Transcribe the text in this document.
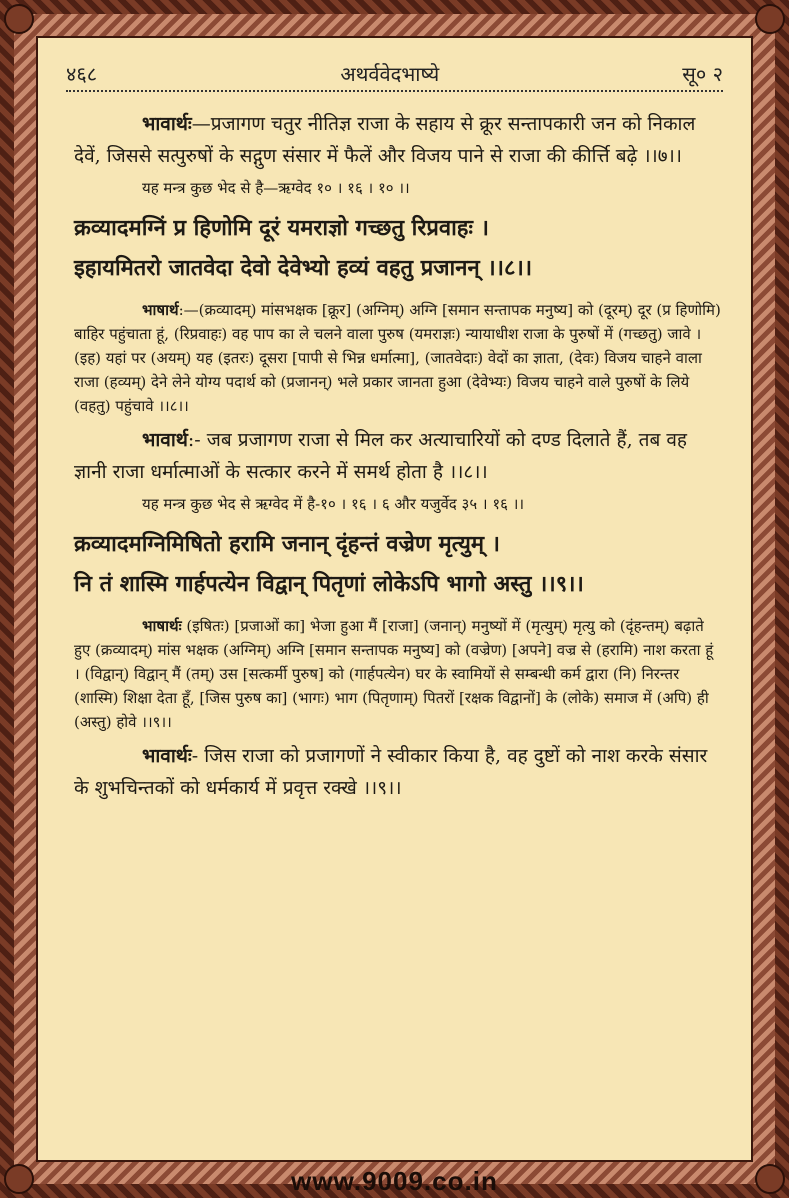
४६८	अथर्ववेदभाष्ये	सू० २

भावार्थः—प्रजागण चतुर नीतिज्ञ राजा के सहाय से क्रूर सन्तापकारी जन को निकाल देवें, जिससे सत्पुरुषों के सद्गुण संसार में फैलें और विजय पाने से राजा की कीर्त्ति बढ़े ।।७।।

यह मन्त्र कुछ भेद से है—ऋग्वेद १० । १६ । १० ।।

क्रव्यादमग्निं प्र हिणोमि दूरं यमराज्ञो गच्छतु रिप्रवाहः ।

इहायमितरो जातवेदा देवो देवेभ्यो हव्यं वहतु प्रजानन् ।।८।।

भाषार्थ:—(क्रव्यादम्) मांसभक्षक [क्रूर] (अग्निम्) अग्नि [समान सन्तापक मनुष्य] को (दूरम्) दूर (प्र हिणोमि) बाहिर पहुंचाता हूं, (रिप्रवाहः) वह पाप का ले चलने वाला पुरुष (यमराज्ञः) न्यायाधीश राजा के पुरुषों में (गच्छतु) जावे । (इह) यहां पर (अयम्) यह (इतरः) दूसरा [पापी से भिन्न धर्मात्मा], (जातवेदाः) वेदों का ज्ञाता, (देवः) विजय चाहने वाला राजा (हव्यम्) देने लेने योग्य पदार्थ को (प्रजानन्) भले प्रकार जानता हुआ (देवेभ्यः) विजय चाहने वाले पुरुषों के लिये (वहतु) पहुंचावे ।।८।।

भावार्थ:- जब प्रजागण राजा से मिल कर अत्याचारियों को दण्ड दिलाते हैं, तब वह ज्ञानी राजा धर्मात्माओं के सत्कार करने में समर्थ होता है ।।८।।

यह मन्त्र कुछ भेद से ऋग्वेद में है-१० । १६ । ६ और यजुर्वेद ३५ । १६ ।।

क्रव्यादमग्निमिषितो हरामि जनान् दृंहन्तं वज्रेण मृत्युम् ।

नि तं शास्मि गार्हपत्येन विद्वान् पितृणां लोकेऽपि भागो अस्तु ।।९।।

भाषार्थः (इषितः) [प्रजाओं का] भेजा हुआ मैं [राजा] (जनान्) मनुष्यों में (मृत्युम्) मृत्यु को (दृंहन्तम्) बढ़ाते हुए (क्रव्यादम्) मांस भक्षक (अग्निम्) अग्नि [समान सन्तापक मनुष्य] को (वज्रेण) [अपने] वज्र से (हरामि) नाश करता हूं । (विद्वान्) विद्वान् मैं (तम्) उस [सत्कर्मी पुरुष] को (गार्हपत्येन) घर के स्वामियों से सम्बन्धी कर्म द्वारा (नि) निरन्तर (शास्मि) शिक्षा देता हूँ, [जिस पुरुष का] (भागः) भाग (पितृणाम्) पितरों [रक्षक विद्वानों] के (लोके) समाज में (अपि) ही (अस्तु) होवे ।।९।।

भावार्थः- जिस राजा को प्रजागणों ने स्वीकार किया है, वह दुष्टों को नाश करके संसार के शुभचिन्तकों को धर्मकार्य में प्रवृत्त रक्खे ।।९।।

www.9009.co.in
